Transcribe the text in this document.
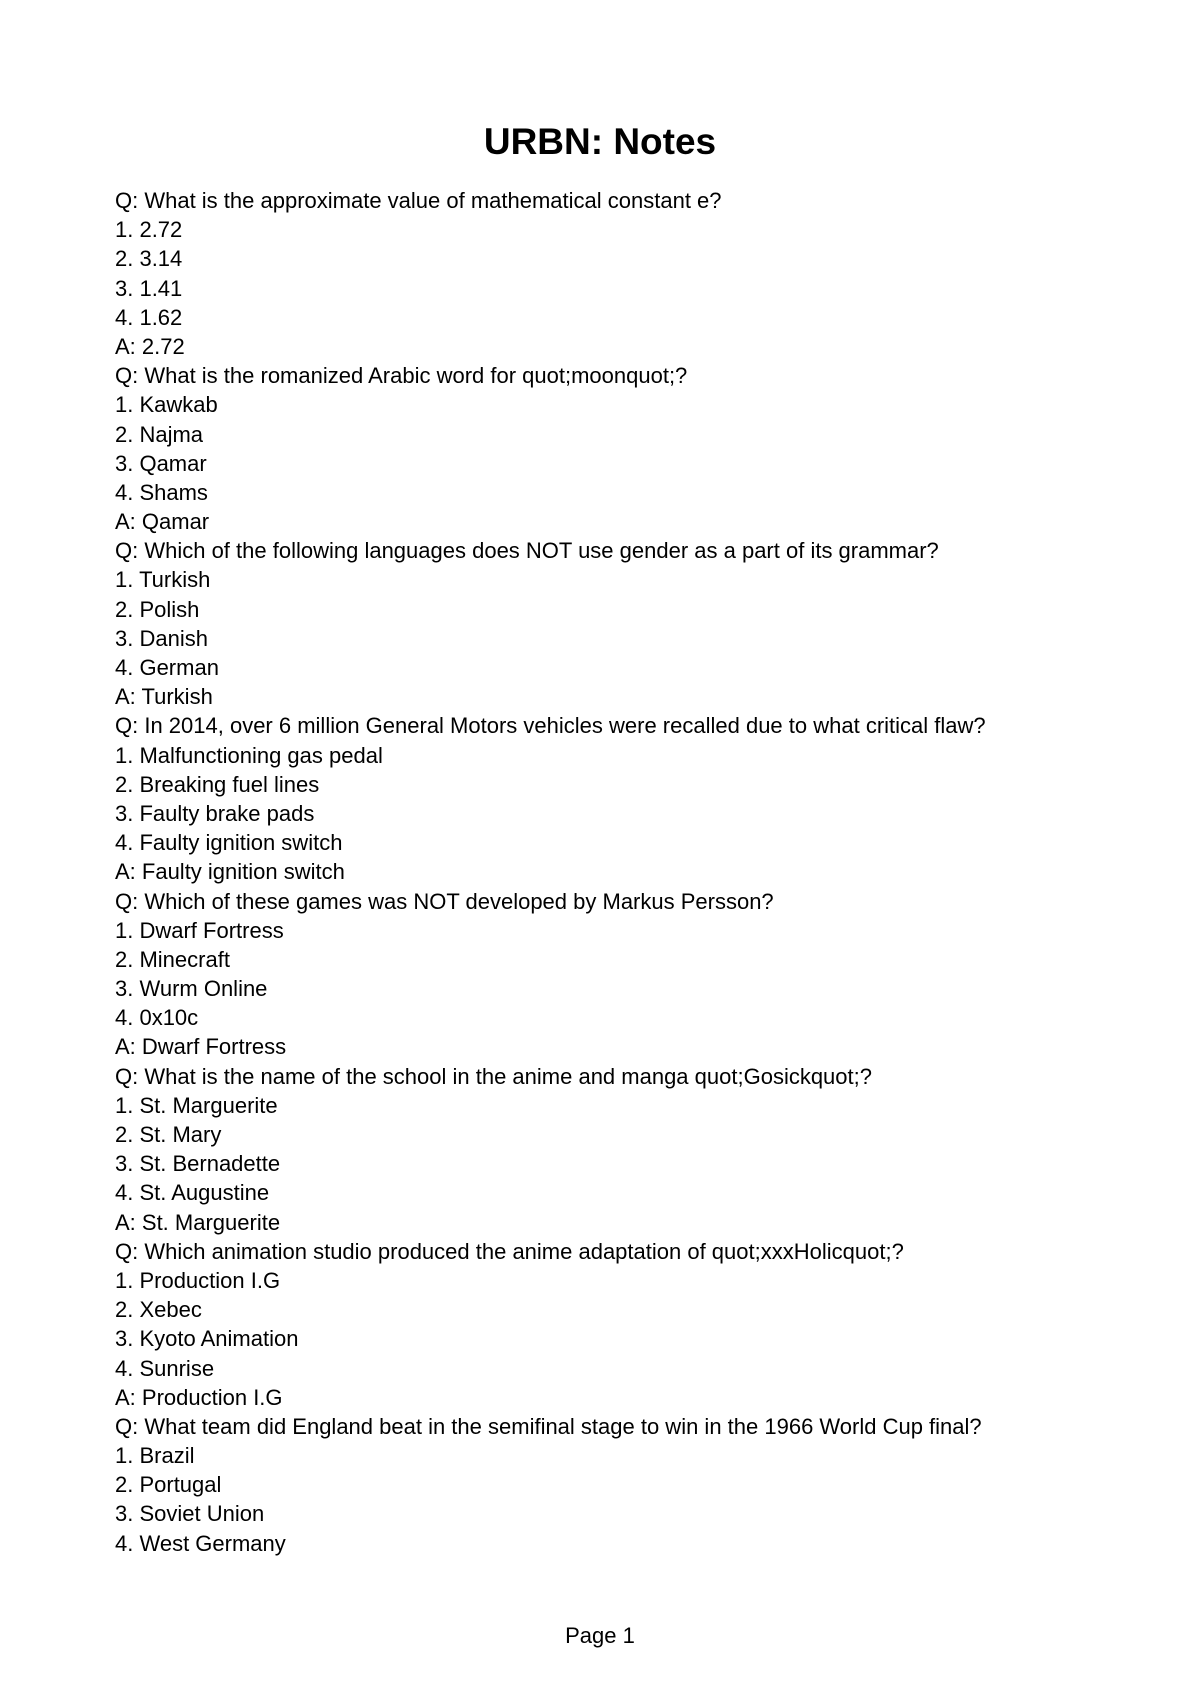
URBN: Notes
Q: What is the approximate value of mathematical constant e?
1. 2.72
2. 3.14
3. 1.41
4. 1.62
A: 2.72
Q: What is the romanized Arabic word for quot;moonquot;?
1. Kawkab
2. Najma
3. Qamar
4. Shams
A: Qamar
Q: Which of the following languages does NOT use gender as a part of its grammar?
1. Turkish
2. Polish
3. Danish
4. German
A: Turkish
Q: In 2014, over 6 million General Motors vehicles were recalled due to what critical flaw?
1. Malfunctioning gas pedal
2. Breaking fuel lines
3. Faulty brake pads
4. Faulty ignition switch
A: Faulty ignition switch
Q: Which of these games was NOT developed by Markus Persson?
1. Dwarf Fortress
2. Minecraft
3. Wurm Online
4. 0x10c
A: Dwarf Fortress
Q: What is the name of the school in the anime and manga quot;Gosickquot;?
1. St. Marguerite
2. St. Mary
3. St. Bernadette
4. St. Augustine
A: St. Marguerite
Q: Which animation studio produced the anime adaptation of quot;xxxHolicquot;?
1. Production I.G
2. Xebec
3. Kyoto Animation
4. Sunrise
A: Production I.G
Q: What team did England beat in the semifinal stage to win in the 1966 World Cup final?
1. Brazil
2. Portugal
3. Soviet Union
4. West Germany
Page 1
